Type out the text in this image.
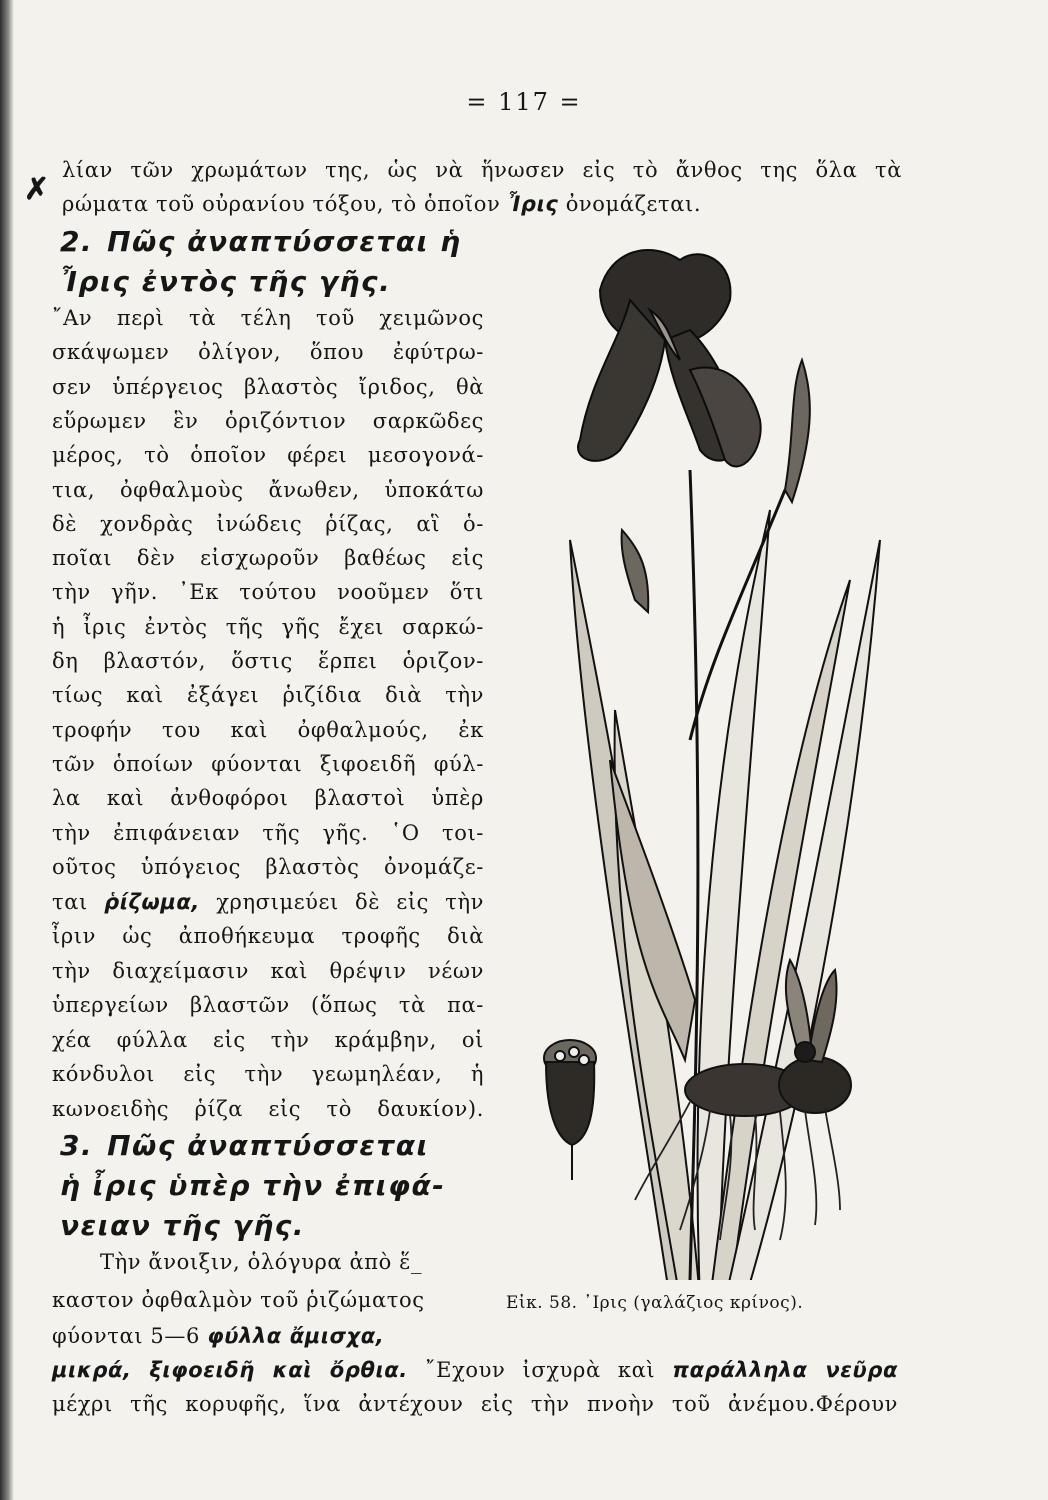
= 117 =
✗
λίαν τῶν χρωμάτων της, ὡς νὰ ἥνωσεν εἰς τὸ ἄνθος της ὅλα τὰ
ρώματα τοῦ οὐρανίου τόξου, τὸ ὁποῖον Ἶρις ὀνομάζεται.
2. Πῶς ἀναπτύσσεται ἡ
Ἶρις ἐντὸς τῆς γῆς.
῎Αν περὶ τὰ τέλη τοῦ χειμῶνος
σκάψωμεν ὀλίγον, ὅπου ἐφύτρω-
σεν ὑπέργειος βλαστὸς ἴριδος, θὰ
εὕρωμεν ἓν ὁριζόντιον σαρκῶδες
μέρος, τὸ ὁποῖον φέρει μεσογονά-
τια, ὀφθαλμοὺς ἄνωθεν, ὑποκάτω
δὲ χονδρὰς ἰνώδεις ῥίζας, αἳ ὁ-
ποῖαι δὲν εἰσχωροῦν βαθέως εἰς
τὴν γῆν. ᾿Εκ τούτου νοοῦμεν ὅτι
ἡ ἶρις ἐντὸς τῆς γῆς ἔχει σαρκώ-
δη βλαστόν, ὅστις ἕρπει ὁριζον-
τίως καὶ ἐξάγει ῥιζίδια διὰ τὴν
τροφήν του καὶ ὀφθαλμούς, ἐκ
τῶν ὁποίων φύονται ξιφοειδῆ φύλ-
λα καὶ ἀνθοφόροι βλαστοὶ ὑπὲρ
τὴν ἐπιφάνειαν τῆς γῆς. ῾Ο τοι-
οῦτος ὑπόγειος βλαστὸς ὀνομάζε-
ται ῥίζωμα, χρησιμεύει δὲ εἰς τὴν
ἶριν ὡς ἀποθήκευμα τροφῆς διὰ
τὴν διαχείμασιν καὶ θρέψιν νέων
ὑπεργείων βλαστῶν (ὅπως τὰ πα-
χέα φύλλα εἰς τὴν κράμβην, οἱ
κόνδυλοι εἰς τὴν γεωμηλέαν, ἡ
κωνοειδὴς ῥίζα εἰς τὸ δαυκίον).
3. Πῶς ἀναπτύσσεται
ἡ ἶρις ὑπὲρ τὴν ἐπιφά-
νειαν τῆς γῆς.
Τὴν ἄνοιξιν, ὁλόγυρα ἀπὸ ἕ_
καστον ὀφθαλμὸν τοῦ ῥιζώματος
φύονται 5—6 φύλλα ἄμισχα,
μικρά, ξιφοειδῆ καὶ ὄρθια. ῎Εχουν ἰσχυρὰ καὶ παράλληλα νεῦρα
μέχρι τῆς κορυφῆς, ἵνα ἀντέχουν εἰς τὴν πνοὴν τοῦ ἀνέμου.Φέρουν
Εἰκ. 58. ᾿Ιρις (γαλάζιος κρίνος).
